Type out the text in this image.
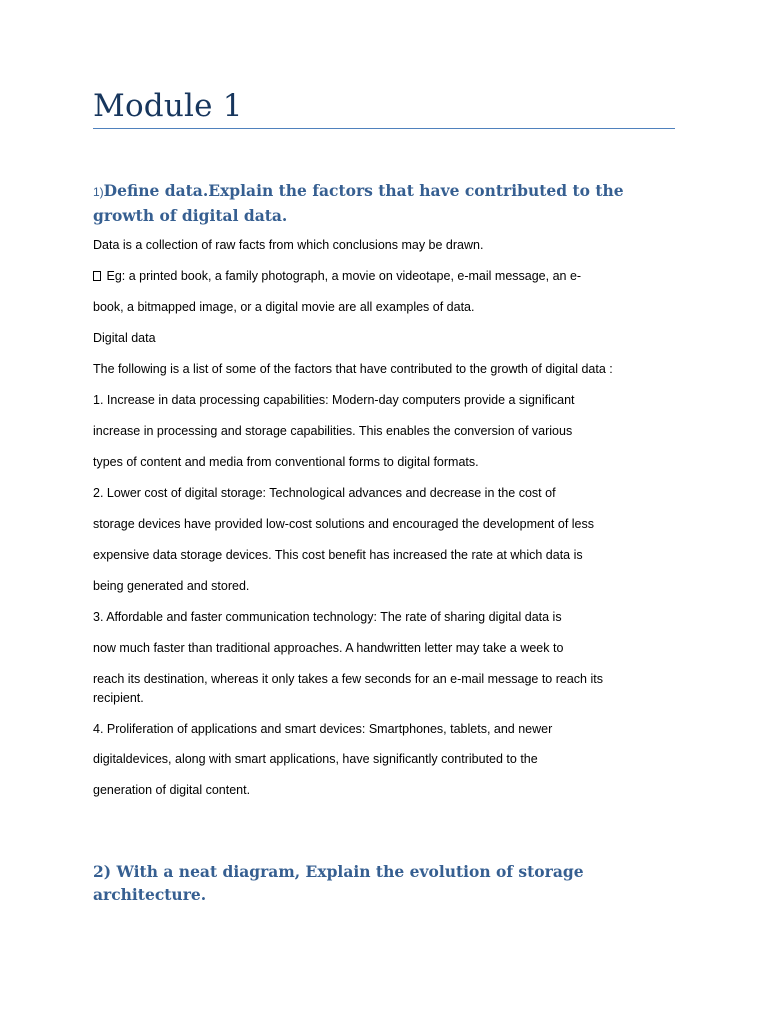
Module 1
1)Define data.Explain the factors that have contributed to the growth of digital data.

Data is a collection of raw facts from which conclusions may be drawn.

Eg: a printed book, a family photograph, a movie on videotape, e-mail message, an e-

book, a bitmapped image, or a digital movie are all examples of data.

Digital data

The following is a list of some of the factors that have contributed to the growth of digital data :

1. Increase in data processing capabilities: Modern-day computers provide a significant

increase in processing and storage capabilities. This enables the conversion of various

types of content and media from conventional forms to digital formats.

2. Lower cost of digital storage: Technological advances and decrease in the cost of

storage devices have provided low-cost solutions and encouraged the development of less

expensive data storage devices. This cost benefit has increased the rate at which data is

being generated and stored.

3. Affordable and faster communication technology: The rate of sharing digital data is

now much faster than traditional approaches. A handwritten letter may take a week to

reach its destination, whereas it only takes a few seconds for an e-mail message to reach its recipient.

4. Proliferation of applications and smart devices: Smartphones, tablets, and newer

digitaldevices, along with smart applications, have significantly contributed to the

generation of digital content.

2) With a neat diagram, Explain the evolution of storage architecture.
